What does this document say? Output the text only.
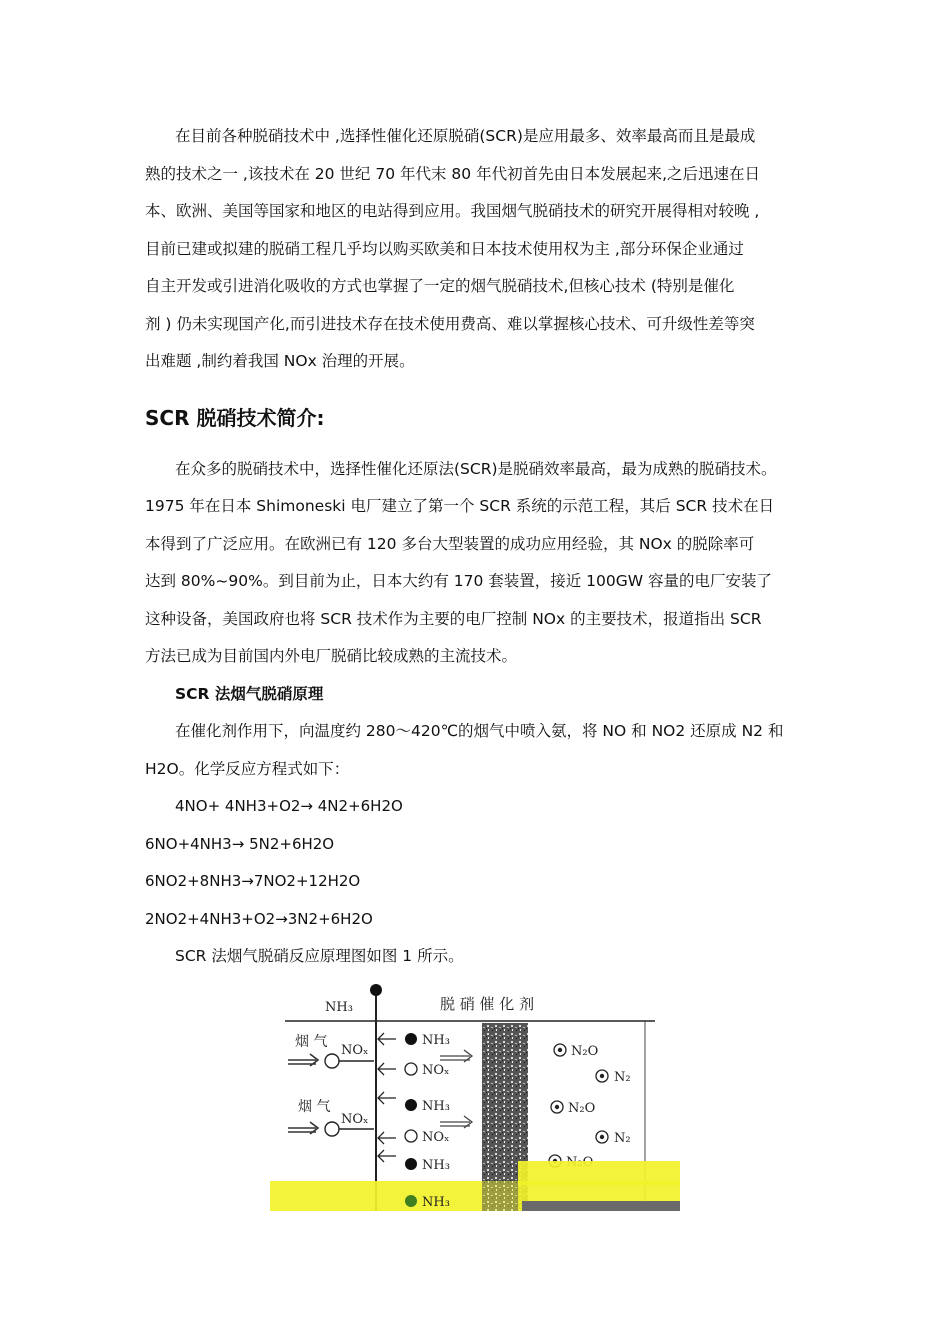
在目前各种脱硝技术中 ,选择性催化还原脱硝(SCR)是应用最多、效率最高而且是最成
熟的技术之一 ,该技术在 20 世纪 70 年代末 80 年代初首先由日本发展起来,之后迅速在日
本、欧洲、美国等国家和地区的电站得到应用。我国烟气脱硝技术的研究开展得相对较晚 ,
目前已建或拟建的脱硝工程几乎均以购买欧美和日本技术使用权为主 ,部分环保企业通过
自主开发或引进消化吸收的方式也掌握了一定的烟气脱硝技术,但核心技术 (特别是催化
剂 ) 仍未实现国产化,而引进技术存在技术使用费高、难以掌握核心技术、可升级性差等突
出难题 ,制约着我国 NOx 治理的开展。

SCR 脱硝技术简介:

在众多的脱硝技术中，选择性催化还原法(SCR)是脱硝效率最高，最为成熟的脱硝技术。
1975 年在日本 Shimoneski 电厂建立了第一个 SCR 系统的示范工程，其后 SCR 技术在日
本得到了广泛应用。在欧洲已有 120 多台大型装置的成功应用经验，其 NOx 的脱除率可
达到 80%~90%。到目前为止，日本大约有 170 套装置，接近 100GW 容量的电厂安装了
这种设备，美国政府也将 SCR 技术作为主要的电厂控制 NOx 的主要技术，报道指出 SCR
方法已成为目前国内外电厂脱硝比较成熟的主流技术。

SCR 法烟气脱硝原理

在催化剂作用下，向温度约 280～420℃的烟气中喷入氨，将 NO 和 NO2 还原成 N2 和
H2O。化学反应方程式如下：

4NO+ 4NH3+O2→ 4N2+6H2O
6NO+4NH3→ 5N2+6H2O
6NO2+8NH3→7NO2+12H2O
2NO2+4NH3+O2→3N2+6H2O

SCR 法烟气脱硝反应原理图如图 1 所示。

NH₃	脱 硝 催 化 剂
烟 气
NOₓ
烟 气
NOₓ
NH₃
NOₓ
NH₃
NOₓ
NH₃
N₂O
N₂
N₂O
N₂
NH₃
